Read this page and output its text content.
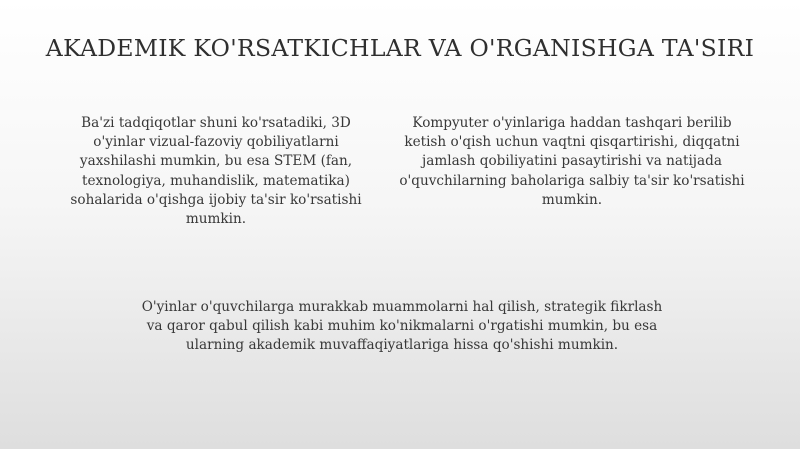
AKADEMIK KO'RSATKICHLAR VA O'RGANISHGA TA'SIRI

Ba'zi tadqiqotlar shuni ko'rsatadiki, 3D o'yinlar vizual-fazoviy qobiliyatlarni yaxshilashi mumkin, bu esa STEM (fan, texnologiya, muhandislik, matematika) sohalarida o'qishga ijobiy ta'sir ko'rsatishi mumkin.

Kompyuter o'yinlariga haddan tashqari berilib ketish o'qish uchun vaqtni qisqartirishi, diqqatni jamlash qobiliyatini pasaytirishi va natijada o'quvchilarning baholariga salbiy ta'sir ko'rsatishi mumkin.

O'yinlar o'quvchilarga murakkab muammolarni hal qilish, strategik fikrlash va qaror qabul qilish kabi muhim ko'nikmalarni o'rgatishi mumkin, bu esa ularning akademik muvaffaqiyatlariga hissa qo'shishi mumkin.
